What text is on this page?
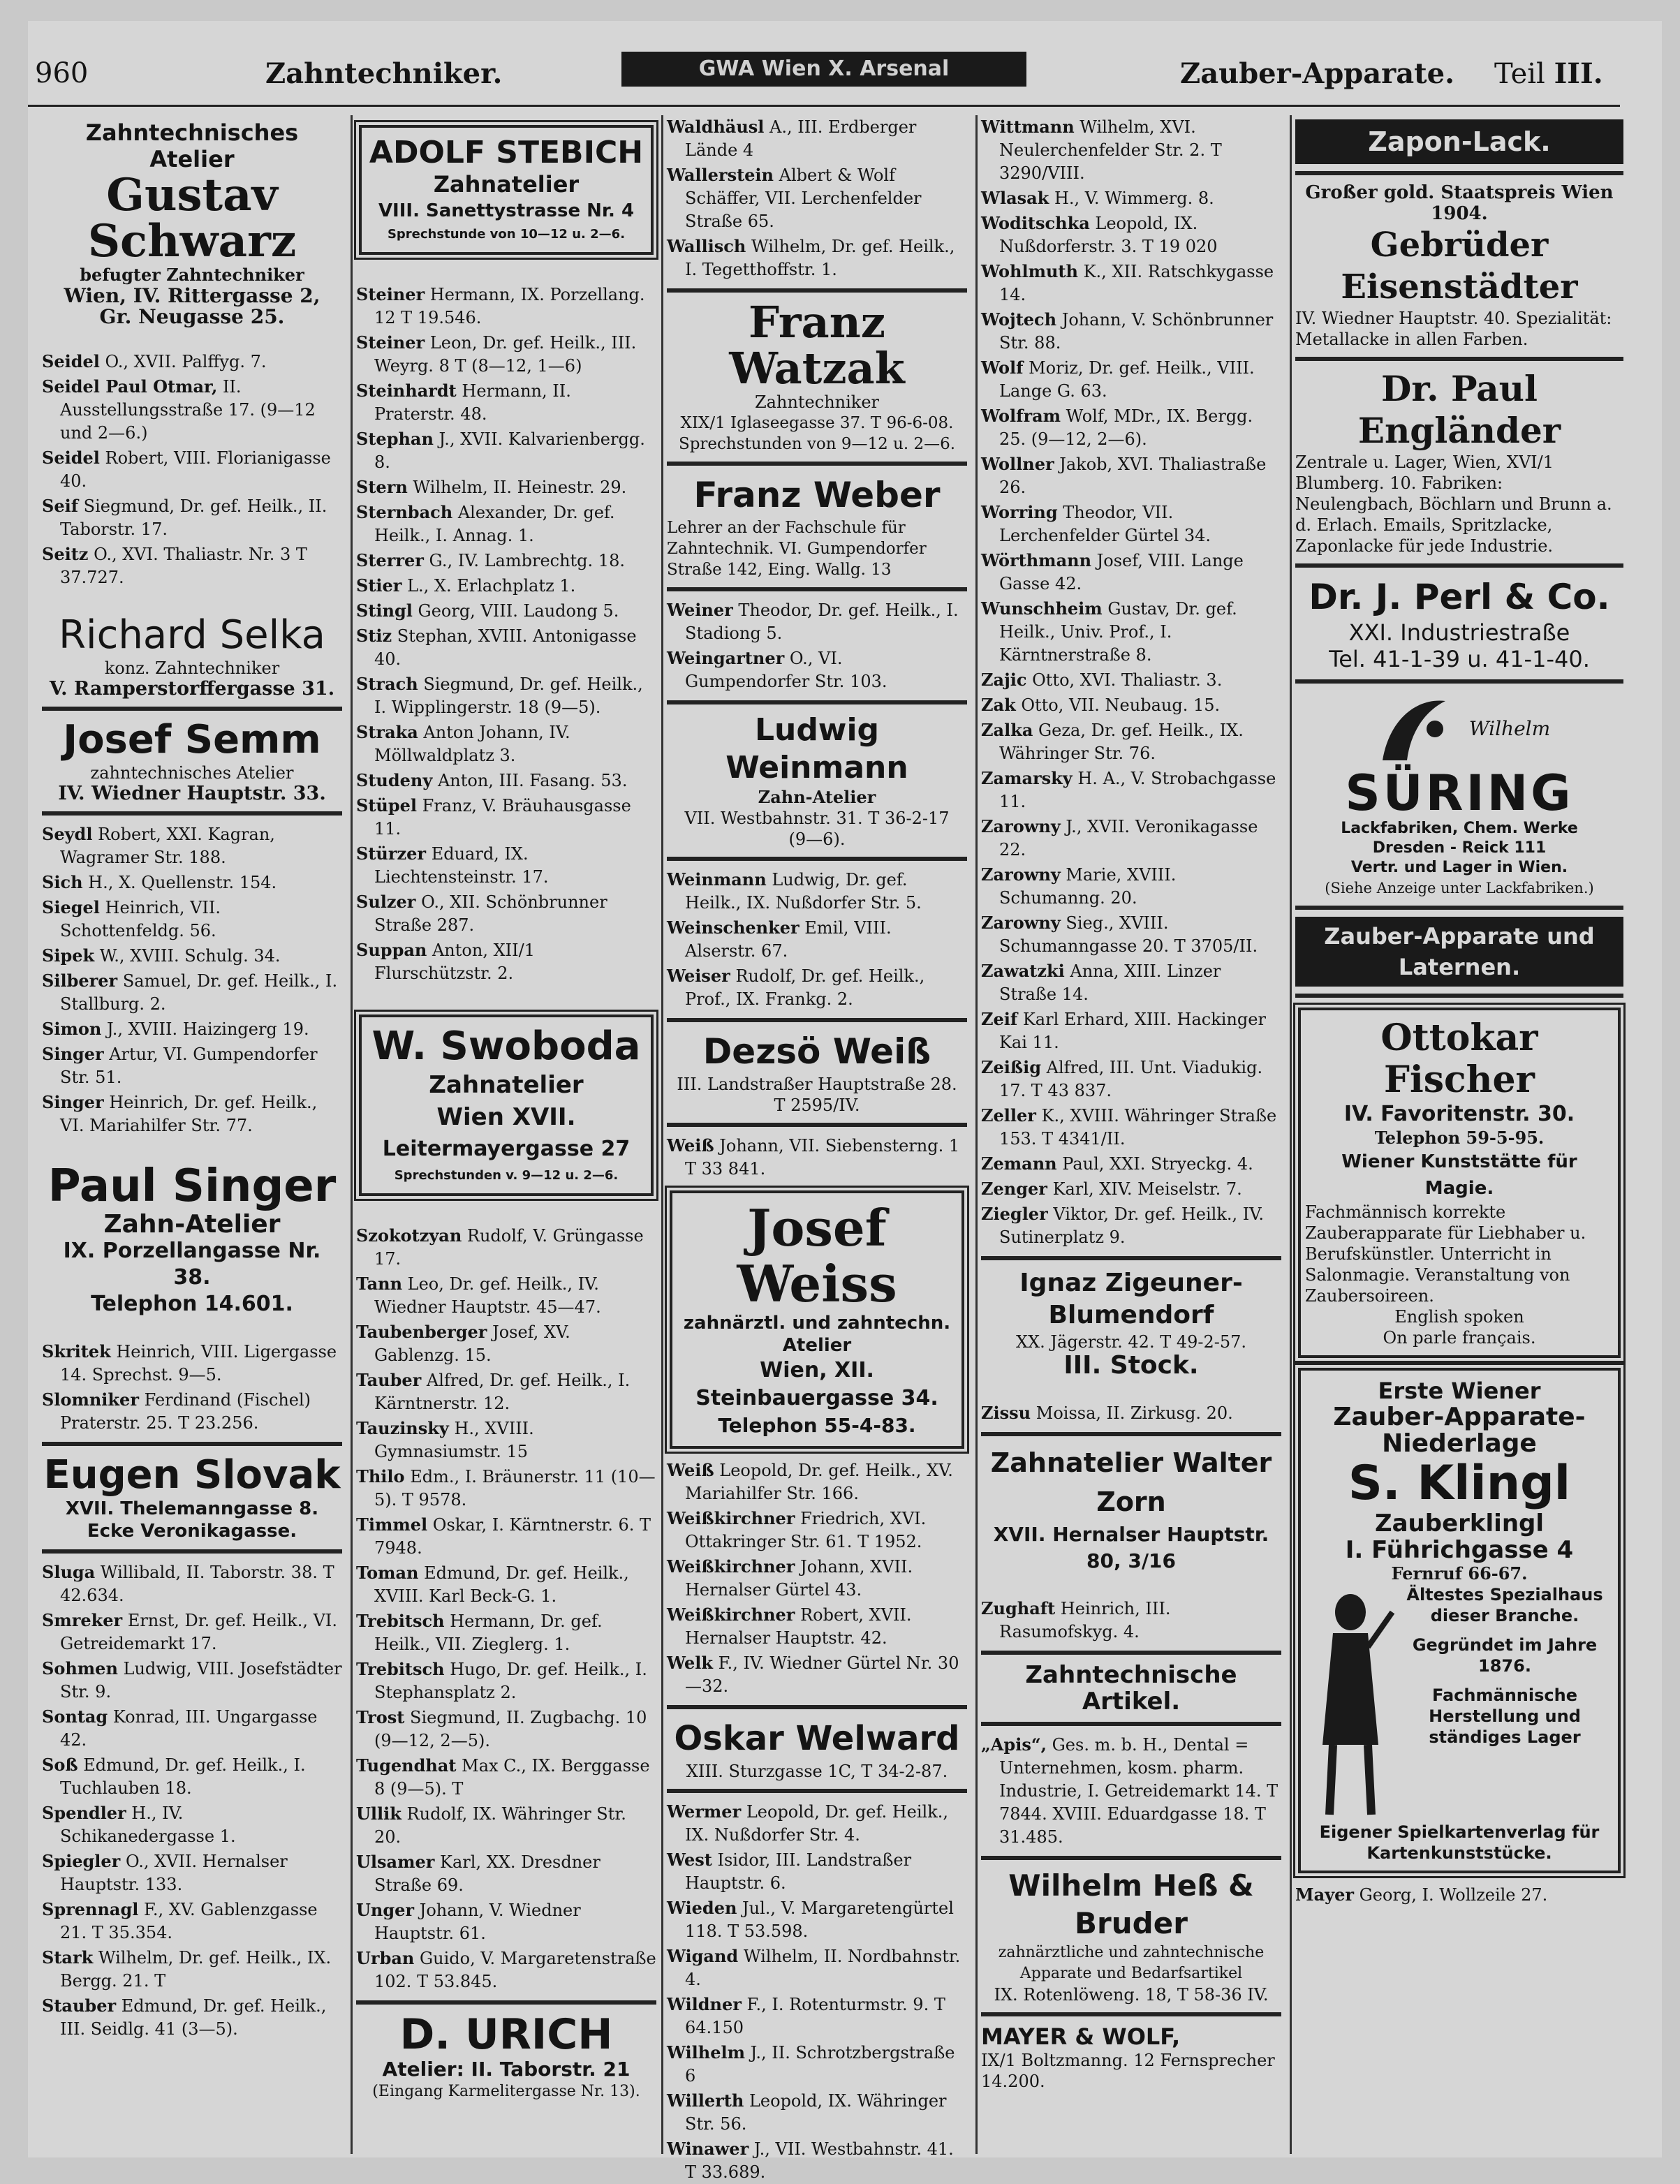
960	Zahntechniker.	GWA Wien X. Arsenal	Zauber-Apparate. Teil III.
Zahntechnisches Atelier
Gustav Schwarz
befugter Zahntechniker
Wien, IV. Rittergasse 2,
Gr. Neugasse 25.
Seidel O., XVII. Palffyg. 7.
Seidel Paul Otmar, II. Ausstellungsstraße 17. (9—12 und 2—6.)
Seidel Robert, VIII. Florianigasse 40.
Seif Siegmund, Dr. gef. Heilk., II. Taborstr. 17.
Seitz O., XVI. Thaliastr. Nr. 3 T 37.727.
Richard Selka
konz. Zahntechniker
V. Ramperstorffergasse 31.
Josef Semm
zahntechnisches Atelier
IV. Wiedner Hauptstr. 33.
Seydl Robert, XXI. Kagran, Wagramer Str. 188.
Sich H., X. Quellenstr. 154.
Siegel Heinrich, VII. Schottenfeldg. 56.
Sipek W., XVIII. Schulg. 34.
Silberer Samuel, Dr. gef. Heilk., I. Stallburg. 2.
Simon J., XVIII. Haizingerg 19.
Singer Artur, VI. Gumpendorfer Str. 51.
Singer Heinrich, Dr. gef. Heilk., VI. Mariahilfer Str. 77.
Paul Singer
Zahn-Atelier
IX. Porzellangasse Nr. 38.
Telephon 14.601.
Skritek Heinrich, VIII. Ligergasse 14. Sprechst. 9—5.
Slomniker Ferdinand (Fischel) Praterstr. 25. T 23.256.
Eugen Slovak
XVII. Thelemanngasse 8.
Ecke Veronikagasse.
Sluga Willibald, II. Taborstr. 38. T 42.634.
Smreker Ernst, Dr. gef. Heilk., VI. Getreidemarkt 17.
Sohmen Ludwig, VIII. Josefstädter Str. 9.
Sontag Konrad, III. Ungargasse 42.
Soß Edmund, Dr. gef. Heilk., I. Tuchlauben 18.
Spendler H., IV. Schikanedergasse 1.
Spiegler O., XVII. Hernalser Hauptstr. 133.
Sprennagl F., XV. Gablenzgasse 21. T 35.354.
Stark Wilhelm, Dr. gef. Heilk., IX. Bergg. 21. T
Stauber Edmund, Dr. gef. Heilk., III. Seidlg. 41 (3—5).
ADOLF STEBICH
Zahnatelier
VIII. Sanettystrasse Nr. 4
Sprechstunde von 10—12 u. 2—6.
Steiner Hermann, IX. Porzellang. 12 T 19.546.
Steiner Leon, Dr. gef. Heilk., III. Weyrg. 8 T (8—12, 1—6)
Steinhardt Hermann, II. Praterstr. 48.
Stephan J., XVII. Kalvarienbergg. 8.
Stern Wilhelm, II. Heinestr. 29.
Sternbach Alexander, Dr. gef. Heilk., I. Annag. 1.
Sterrer G., IV. Lambrechtg. 18.
Stier L., X. Erlachplatz 1.
Stingl Georg, VIII. Laudong 5.
Stiz Stephan, XVIII. Antonigasse 40.
Strach Siegmund, Dr. gef. Heilk., I. Wipplingerstr. 18 (9—5).
Straka Anton Johann, IV. Möllwaldplatz 3.
Studeny Anton, III. Fasang. 53.
Stüpel Franz, V. Bräuhausgasse 11.
Stürzer Eduard, IX. Liechtensteinstr. 17.
Sulzer O., XII. Schönbrunner Straße 287.
Suppan Anton, XII/1 Flurschützstr. 2.
W. Swoboda
Zahnatelier
Wien XVII.
Leitermayergasse 27
Sprechstunden v. 9—12 u. 2—6.
Szokotzyan Rudolf, V. Grüngasse 17.
Tann Leo, Dr. gef. Heilk., IV. Wiedner Hauptstr. 45—47.
Taubenberger Josef, XV. Gablenzg. 15.
Tauber Alfred, Dr. gef. Heilk., I. Kärntnerstr. 12.
Tauzinsky H., XVIII. Gymnasiumstr. 15
Thilo Edm., I. Bräunerstr. 11 (10—5). T 9578.
Timmel Oskar, I. Kärntnerstr. 6. T 7948.
Toman Edmund, Dr. gef. Heilk., XVIII. Karl Beck-G. 1.
Trebitsch Hermann, Dr. gef. Heilk., VII. Zieglerg. 1.
Trebitsch Hugo, Dr. gef. Heilk., I. Stephansplatz 2.
Trost Siegmund, II. Zugbachg. 10 (9—12, 2—5).
Tugendhat Max C., IX. Berggasse 8 (9—5). T
Ullik Rudolf, IX. Währinger Str. 20.
Ulsamer Karl, XX. Dresdner Straße 69.
Unger Johann, V. Wiedner Hauptstr. 61.
Urban Guido, V. Margaretenstraße 102. T 53.845.
D. URICH
Atelier: II. Taborstr. 21
(Eingang Karmelitergasse Nr. 13).
Waldhäusl A., III. Erdberger Lände 4
Wallerstein Albert & Wolf Schäffer, VII. Lerchenfelder Straße 65.
Wallisch Wilhelm, Dr. gef. Heilk., I. Tegetthoffstr. 1.
Franz Watzak
Zahntechniker
XIX/1 Iglaseegasse 37. T 96-6-08.
Sprechstunden von 9—12 u. 2—6.
Franz Weber
Lehrer an der Fachschule für Zahntechnik. VI. Gumpendorfer Straße 142, Eing. Wallg. 13
Weiner Theodor, Dr. gef. Heilk., I. Stadiong 5.
Weingartner O., VI. Gumpendorfer Str. 103.
Ludwig Weinmann
Zahn-Atelier
VII. Westbahnstr. 31. T 36-2-17
(9—6).
Weinmann Ludwig, Dr. gef. Heilk., IX. Nußdorfer Str. 5.
Weinschenker Emil, VIII. Alserstr. 67.
Weiser Rudolf, Dr. gef. Heilk., Prof., IX. Frankg. 2.
Dezsö Weiß
III. Landstraßer Hauptstraße 28.
T 2595/IV.
Weiß Johann, VII. Siebensterng. 1 T 33 841.
Josef Weiss
zahnärztl. und zahntechn. Atelier
Wien, XII. Steinbauergasse 34.
Telephon 55-4-83.
Weiß Leopold, Dr. gef. Heilk., XV. Mariahilfer Str. 166.
Weißkirchner Friedrich, XVI. Ottakringer Str. 61. T 1952.
Weißkirchner Johann, XVII. Hernalser Gürtel 43.
Weißkirchner Robert, XVII. Hernalser Hauptstr. 42.
Welk F., IV. Wiedner Gürtel Nr. 30—32.
Oskar Welward
XIII. Sturzgasse 1C, T 34-2-87.
Wermer Leopold, Dr. gef. Heilk., IX. Nußdorfer Str. 4.
West Isidor, III. Landstraßer Hauptstr. 6.
Wieden Jul., V. Margaretengürtel 118. T 53.598.
Wigand Wilhelm, II. Nordbahnstr. 4.
Wildner F., I. Rotenturmstr. 9. T 64.150
Wilhelm J., II. Schrotzbergstraße 6
Willerth Leopold, IX. Währinger Str. 56.
Winawer J., VII. Westbahnstr. 41. T 33.689.
Wittmann Wilhelm, XVI. Neulerchenfelder Str. 2. T 3290/VIII.
Wlasak H., V. Wimmerg. 8.
Woditschka Leopold, IX. Nußdorferstr. 3. T 19 020
Wohlmuth K., XII. Ratschkygasse 14.
Wojtech Johann, V. Schönbrunner Str. 88.
Wolf Moriz, Dr. gef. Heilk., VIII. Lange G. 63.
Wolfram Wolf, MDr., IX. Bergg. 25. (9—12, 2—6).
Wollner Jakob, XVI. Thaliastraße 26.
Worring Theodor, VII. Lerchenfelder Gürtel 34.
Wörthmann Josef, VIII. Lange Gasse 42.
Wunschheim Gustav, Dr. gef. Heilk., Univ. Prof., I. Kärntnerstraße 8.
Zajic Otto, XVI. Thaliastr. 3.
Zak Otto, VII. Neubaug. 15.
Zalka Geza, Dr. gef. Heilk., IX. Währinger Str. 76.
Zamarsky H. A., V. Strobachgasse 11.
Zarowny J., XVII. Veronikagasse 22.
Zarowny Marie, XVIII. Schumanng. 20.
Zarowny Sieg., XVIII. Schumanngasse 20. T 3705/II.
Zawatzki Anna, XIII. Linzer Straße 14.
Zeif Karl Erhard, XIII. Hackinger Kai 11.
Zeißig Alfred, III. Unt. Viadukig. 17. T 43 837.
Zeller K., XVIII. Währinger Straße 153. T 4341/II.
Zemann Paul, XXI. Stryeckg. 4.
Zenger Karl, XIV. Meiselstr. 7.
Ziegler Viktor, Dr. gef. Heilk., IV. Sutinerplatz 9.
Ignaz Zigeuner-Blumendorf
XX. Jägerstr. 42. T 49-2-57.
III. Stock.
Zissu Moissa, II. Zirkusg. 20.
Zahnatelier Walter Zorn
XVII. Hernalser Hauptstr. 80, 3/16
Zughaft Heinrich, III. Rasumofskyg. 4.
Zahntechnische Artikel.
„Apis“, Ges. m. b. H., Dental = Unternehmen, kosm. pharm. Industrie, I. Getreidemarkt 14. T 7844. XVIII. Eduardgasse 18. T 31.485.
Wilhelm Heß & Bruder
zahnärztliche und zahntechnische Apparate und Bedarfsartikel
IX. Rotenlöweng. 18, T 58-36 IV.
MAYER & WOLF,
IX/1 Boltzmanng. 12 Fernsprecher 14.200.
Zapon-Lack.
Großer gold. Staatspreis Wien 1904.
Gebrüder Eisenstädter
IV. Wiedner Hauptstr. 40. Spezialität: Metallacke in allen Farben.
Dr. Paul Engländer
Zentrale u. Lager, Wien, XVI/1 Blumberg. 10. Fabriken: Neulengbach, Böchlarn und Brunn a. d. Erlach. Emails, Spritzlacke, Zaponlacke für jede Industrie.
Dr. J. Perl & Co.
XXI. Industriestraße
Tel. 41-1-39 u. 41-1-40.
Wilhelm
SÜRING
Lackfabriken, Chem. Werke
Dresden - Reick 111
Vertr. und Lager in Wien.
(Siehe Anzeige unter Lackfabriken.)
Zauber-Apparate und Laternen.
Ottokar Fischer
IV. Favoritenstr. 30.
Telephon 59-5-95.
Wiener Kunststätte für Magie.
Fachmännisch korrekte Zauberapparate für Liebhaber u. Berufskünstler. Unterricht in Salonmagie. Veranstaltung von Zaubersoireen.
English spoken
On parle français.
Erste Wiener
Zauber-Apparate-
Niederlage
S. Klingl
Zauberklingl
I. Führichgasse 4
Fernruf 66-67.
Ältestes Spezialhaus dieser Branche.
Gegründet im Jahre 1876.
Fachmännische Herstellung und ständiges Lager
Eigener Spielkartenverlag für Kartenkunststücke.
Mayer Georg, I. Wollzeile 27.
